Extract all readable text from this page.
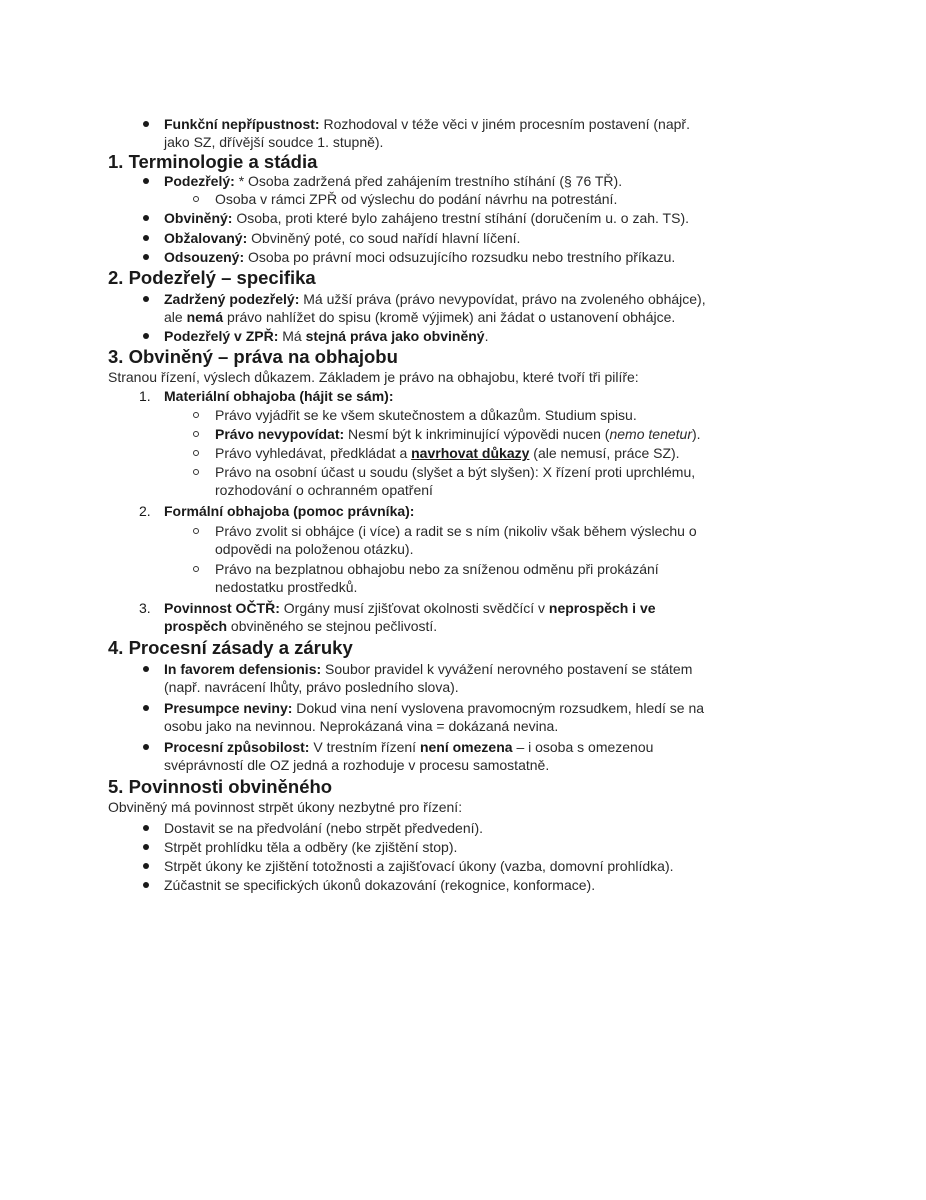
Funkční nepřípustnost: Rozhodoval v téže věci v jiném procesním postavení (např.
jako SZ, dřívější soudce 1. stupně).
1. Terminologie a stádia
Podezřelý: * Osoba zadržená před zahájením trestního stíhání (§ 76 TŘ).
Osoba v rámci ZPŘ od výslechu do podání návrhu na potrestání.
Obviněný: Osoba, proti které bylo zahájeno trestní stíhání (doručením u. o zah. TS).
Obžalovaný: Obviněný poté, co soud nařídí hlavní líčení.
Odsouzený: Osoba po právní moci odsuzujícího rozsudku nebo trestního příkazu.
2. Podezřelý – specifika
Zadržený podezřelý: Má užší práva (právo nevypovídat, právo na zvoleného obhájce),
ale nemá právo nahlížet do spisu (kromě výjimek) ani žádat o ustanovení obhájce.
Podezřelý v ZPŘ: Má stejná práva jako obviněný.
3. Obviněný – práva na obhajobu
Stranou řízení, výslech důkazem. Základem je právo na obhajobu, které tvoří tři pilíře:
1. Materiální obhajoba (hájit se sám):
Právo vyjádřit se ke všem skutečnostem a důkazům. Studium spisu.
Právo nevypovídat: Nesmí být k inkriminující výpovědi nucen (nemo tenetur).
Právo vyhledávat, předkládat a navrhovat důkazy (ale nemusí, práce SZ).
Právo na osobní účast u soudu (slyšet a být slyšen): X řízení proti uprchlému,
rozhodování o ochranném opatření
2. Formální obhajoba (pomoc právníka):
Právo zvolit si obhájce (i více) a radit se s ním (nikoliv však během výslechu o
odpovědi na položenou otázku).
Právo na bezplatnou obhajobu nebo za sníženou odměnu při prokázání
nedostatku prostředků.
3. Povinnost OČTŘ: Orgány musí zjišťovat okolnosti svědčící v neprospěch i ve
prospěch obviněného se stejnou pečlivostí.
4. Procesní zásady a záruky
In favorem defensionis: Soubor pravidel k vyvážení nerovného postavení se státem
(např. navrácení lhůty, právo posledního slova).
Presumpce neviny: Dokud vina není vyslovena pravomocným rozsudkem, hledí se na
osobu jako na nevinnou. Neprokázaná vina = dokázaná nevina.
Procesní způsobilost: V trestním řízení není omezena – i osoba s omezenou
svéprávností dle OZ jedná a rozhoduje v procesu samostatně.
5. Povinnosti obviněného
Obviněný má povinnost strpět úkony nezbytné pro řízení:
Dostavit se na předvolání (nebo strpět předvedení).
Strpět prohlídku těla a odběry (ke zjištění stop).
Strpět úkony ke zjištění totožnosti a zajišťovací úkony (vazba, domovní prohlídka).
Zúčastnit se specifických úkonů dokazování (rekognice, konformace).
